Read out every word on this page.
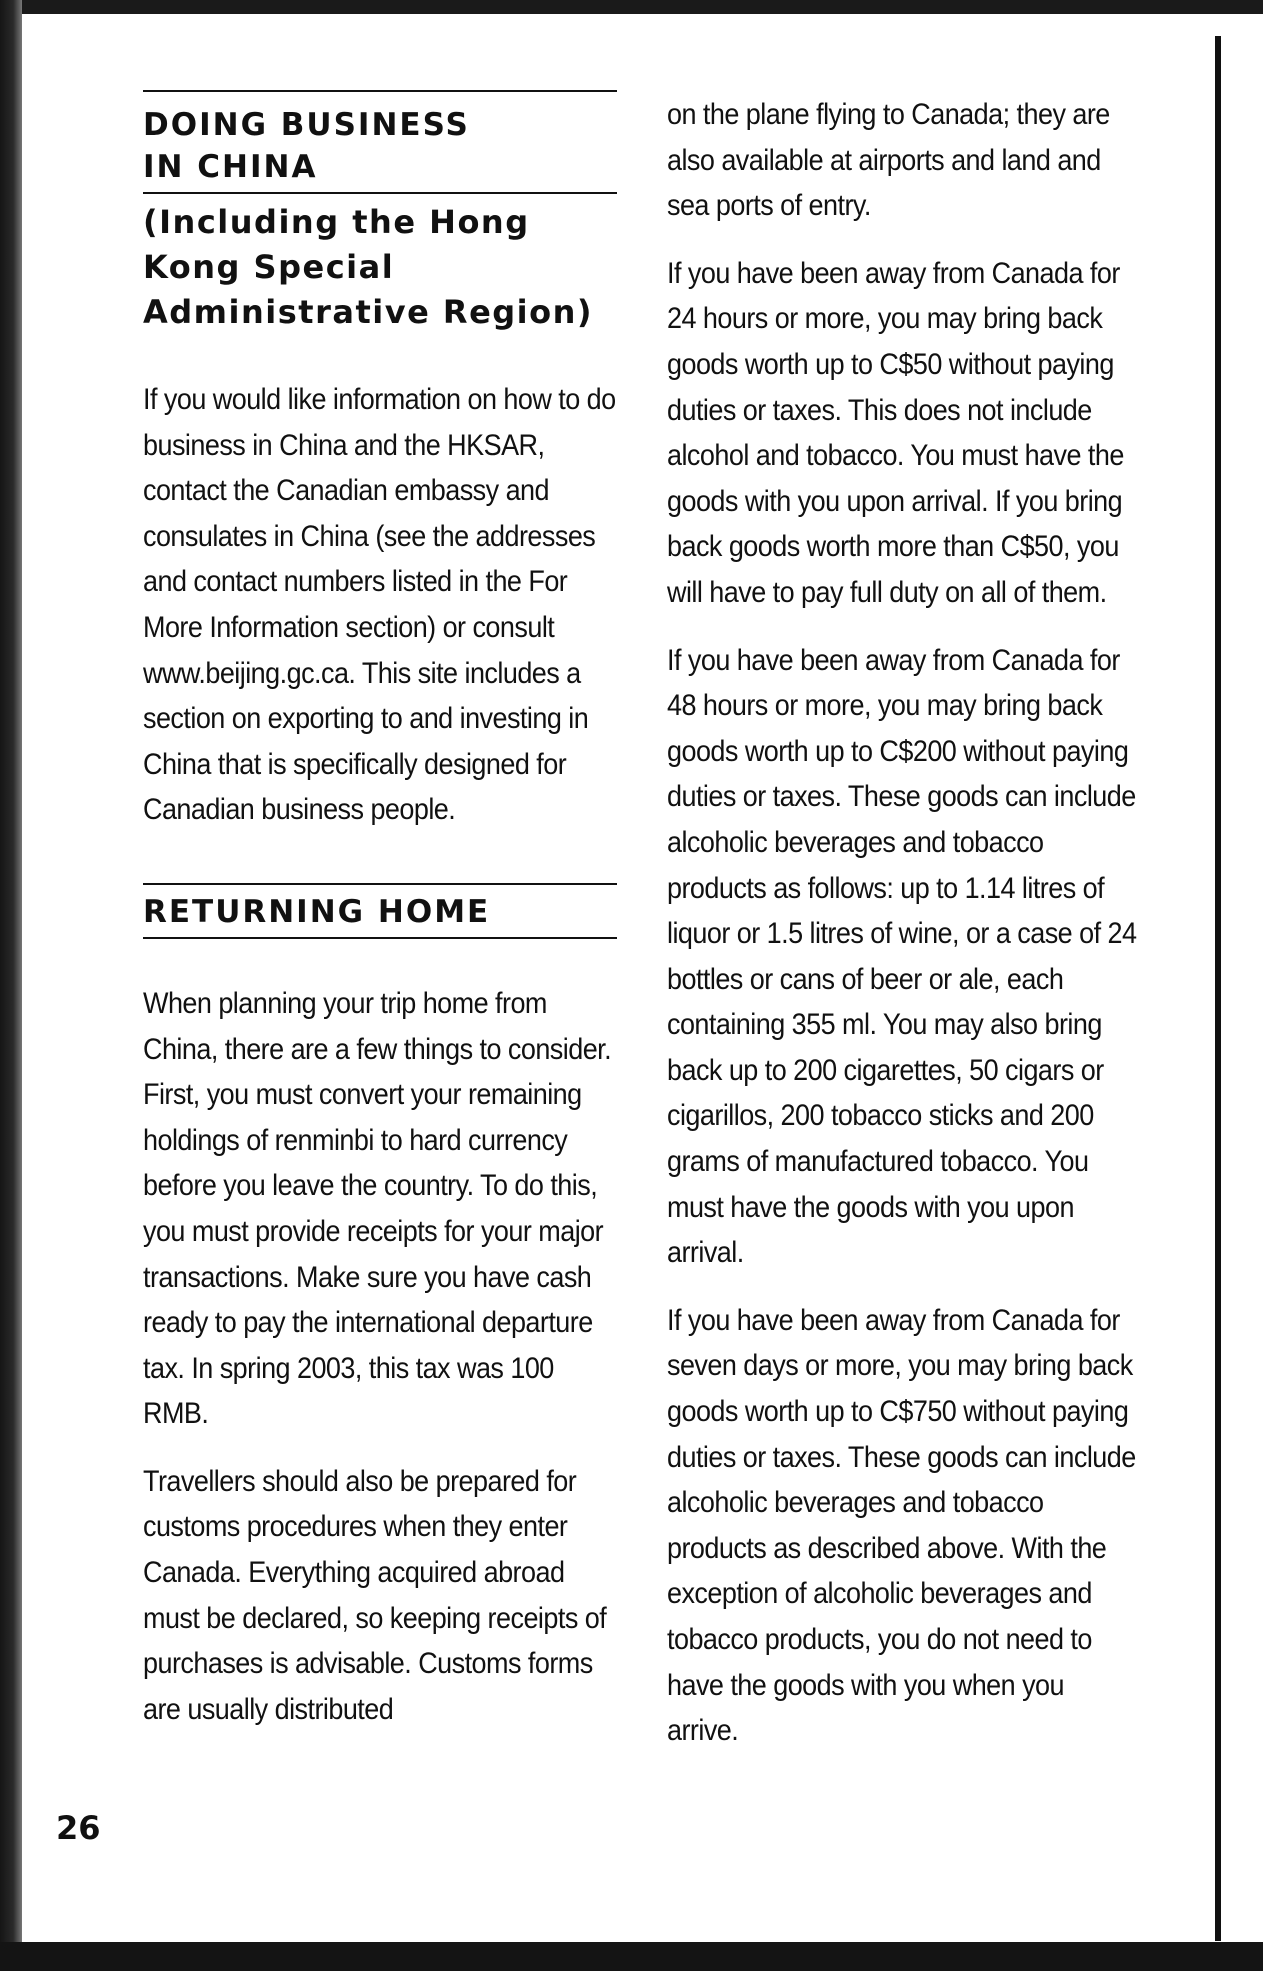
DOING BUSINESS IN CHINA
(Including the Hong Kong Special Administrative Region)

If you would like information on how to do business in China and the HKSAR, contact the Canadian embassy and consulates in China (see the addresses and contact numbers listed in the For More Information section) or consult www.beijing.gc.ca. This site includes a section on exporting to and investing in China that is specifically designed for Canadian business people.

RETURNING HOME

When planning your trip home from China, there are a few things to consider. First, you must convert your remaining holdings of renminbi to hard currency before you leave the country. To do this, you must provide receipts for your major transactions. Make sure you have cash ready to pay the international departure tax. In spring 2003, this tax was 100 RMB.

Travellers should also be prepared for customs procedures when they enter Canada. Everything acquired abroad must be declared, so keeping receipts of purchases is advisable. Customs forms are usually distributed

on the plane flying to Canada; they are also available at airports and land and sea ports of entry.

If you have been away from Canada for 24 hours or more, you may bring back goods worth up to C$50 without paying duties or taxes. This does not include alcohol and tobacco. You must have the goods with you upon arrival. If you bring back goods worth more than C$50, you will have to pay full duty on all of them.

If you have been away from Canada for 48 hours or more, you may bring back goods worth up to C$200 without paying duties or taxes. These goods can include alcoholic beverages and tobacco products as follows: up to 1.14 litres of liquor or 1.5 litres of wine, or a case of 24 bottles or cans of beer or ale, each containing 355 ml. You may also bring back up to 200 cigarettes, 50 cigars or cigarillos, 200 tobacco sticks and 200 grams of manufactured tobacco. You must have the goods with you upon arrival.

If you have been away from Canada for seven days or more, you may bring back goods worth up to C$750 without paying duties or taxes. These goods can include alcoholic beverages and tobacco products as described above. With the exception of alcoholic beverages and tobacco products, you do not need to have the goods with you when you arrive.

26
